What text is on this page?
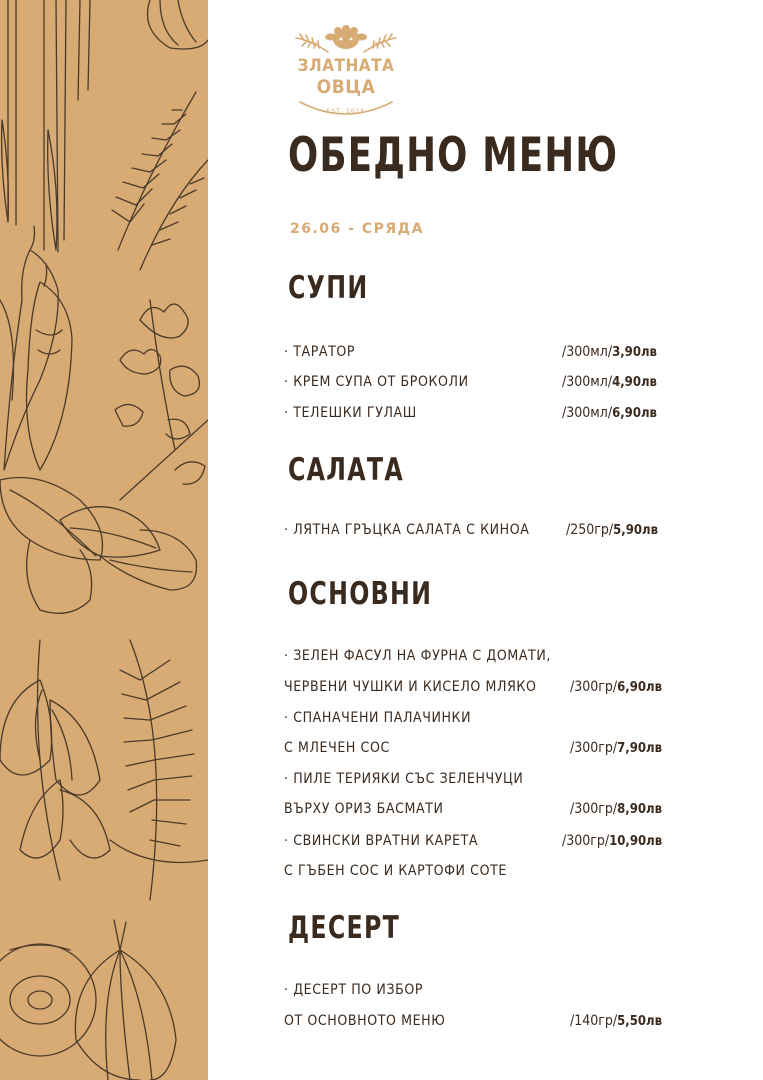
ЗЛАТНАТА
ОВЦА
EST. 2016
ОБЕДНО МЕНЮ
26.06 - СРЯДА
СУПИ
· ТАРАТОР	/300мл/3,90лв
· КРЕМ СУПА ОТ БРОКОЛИ	/300мл/4,90лв
· ТЕЛЕШКИ ГУЛАШ	/300мл/6,90лв
САЛАТА
· ЛЯТНА ГРЪЦКА САЛАТА С КИНОА	/250гр/5,90лв
ОСНОВНИ
· ЗЕЛЕН ФАСУЛ НА ФУРНА С ДОМАТИ,
ЧЕРВЕНИ ЧУШКИ И КИСЕЛО МЛЯКО /300гр/6,90лв
· СПАНАЧЕНИ ПАЛАЧИНКИ
С МЛЕЧЕН СОС	/300гр/7,90лв
· ПИЛЕ ТЕРИЯКИ СЪС ЗЕЛЕНЧУЦИ
ВЪРХУ ОРИЗ БАСМАТИ	/300гр/8,90лв
· СВИНСКИ ВРАТНИ КАРЕТА	/300гр/10,90лв
С ГЪБЕН СОС И КАРТОФИ СОТЕ
ДЕСЕРТ
· ДЕСЕРТ ПО ИЗБОР
ОТ ОСНОВНОТО МЕНЮ	/140гр/5,50лв
